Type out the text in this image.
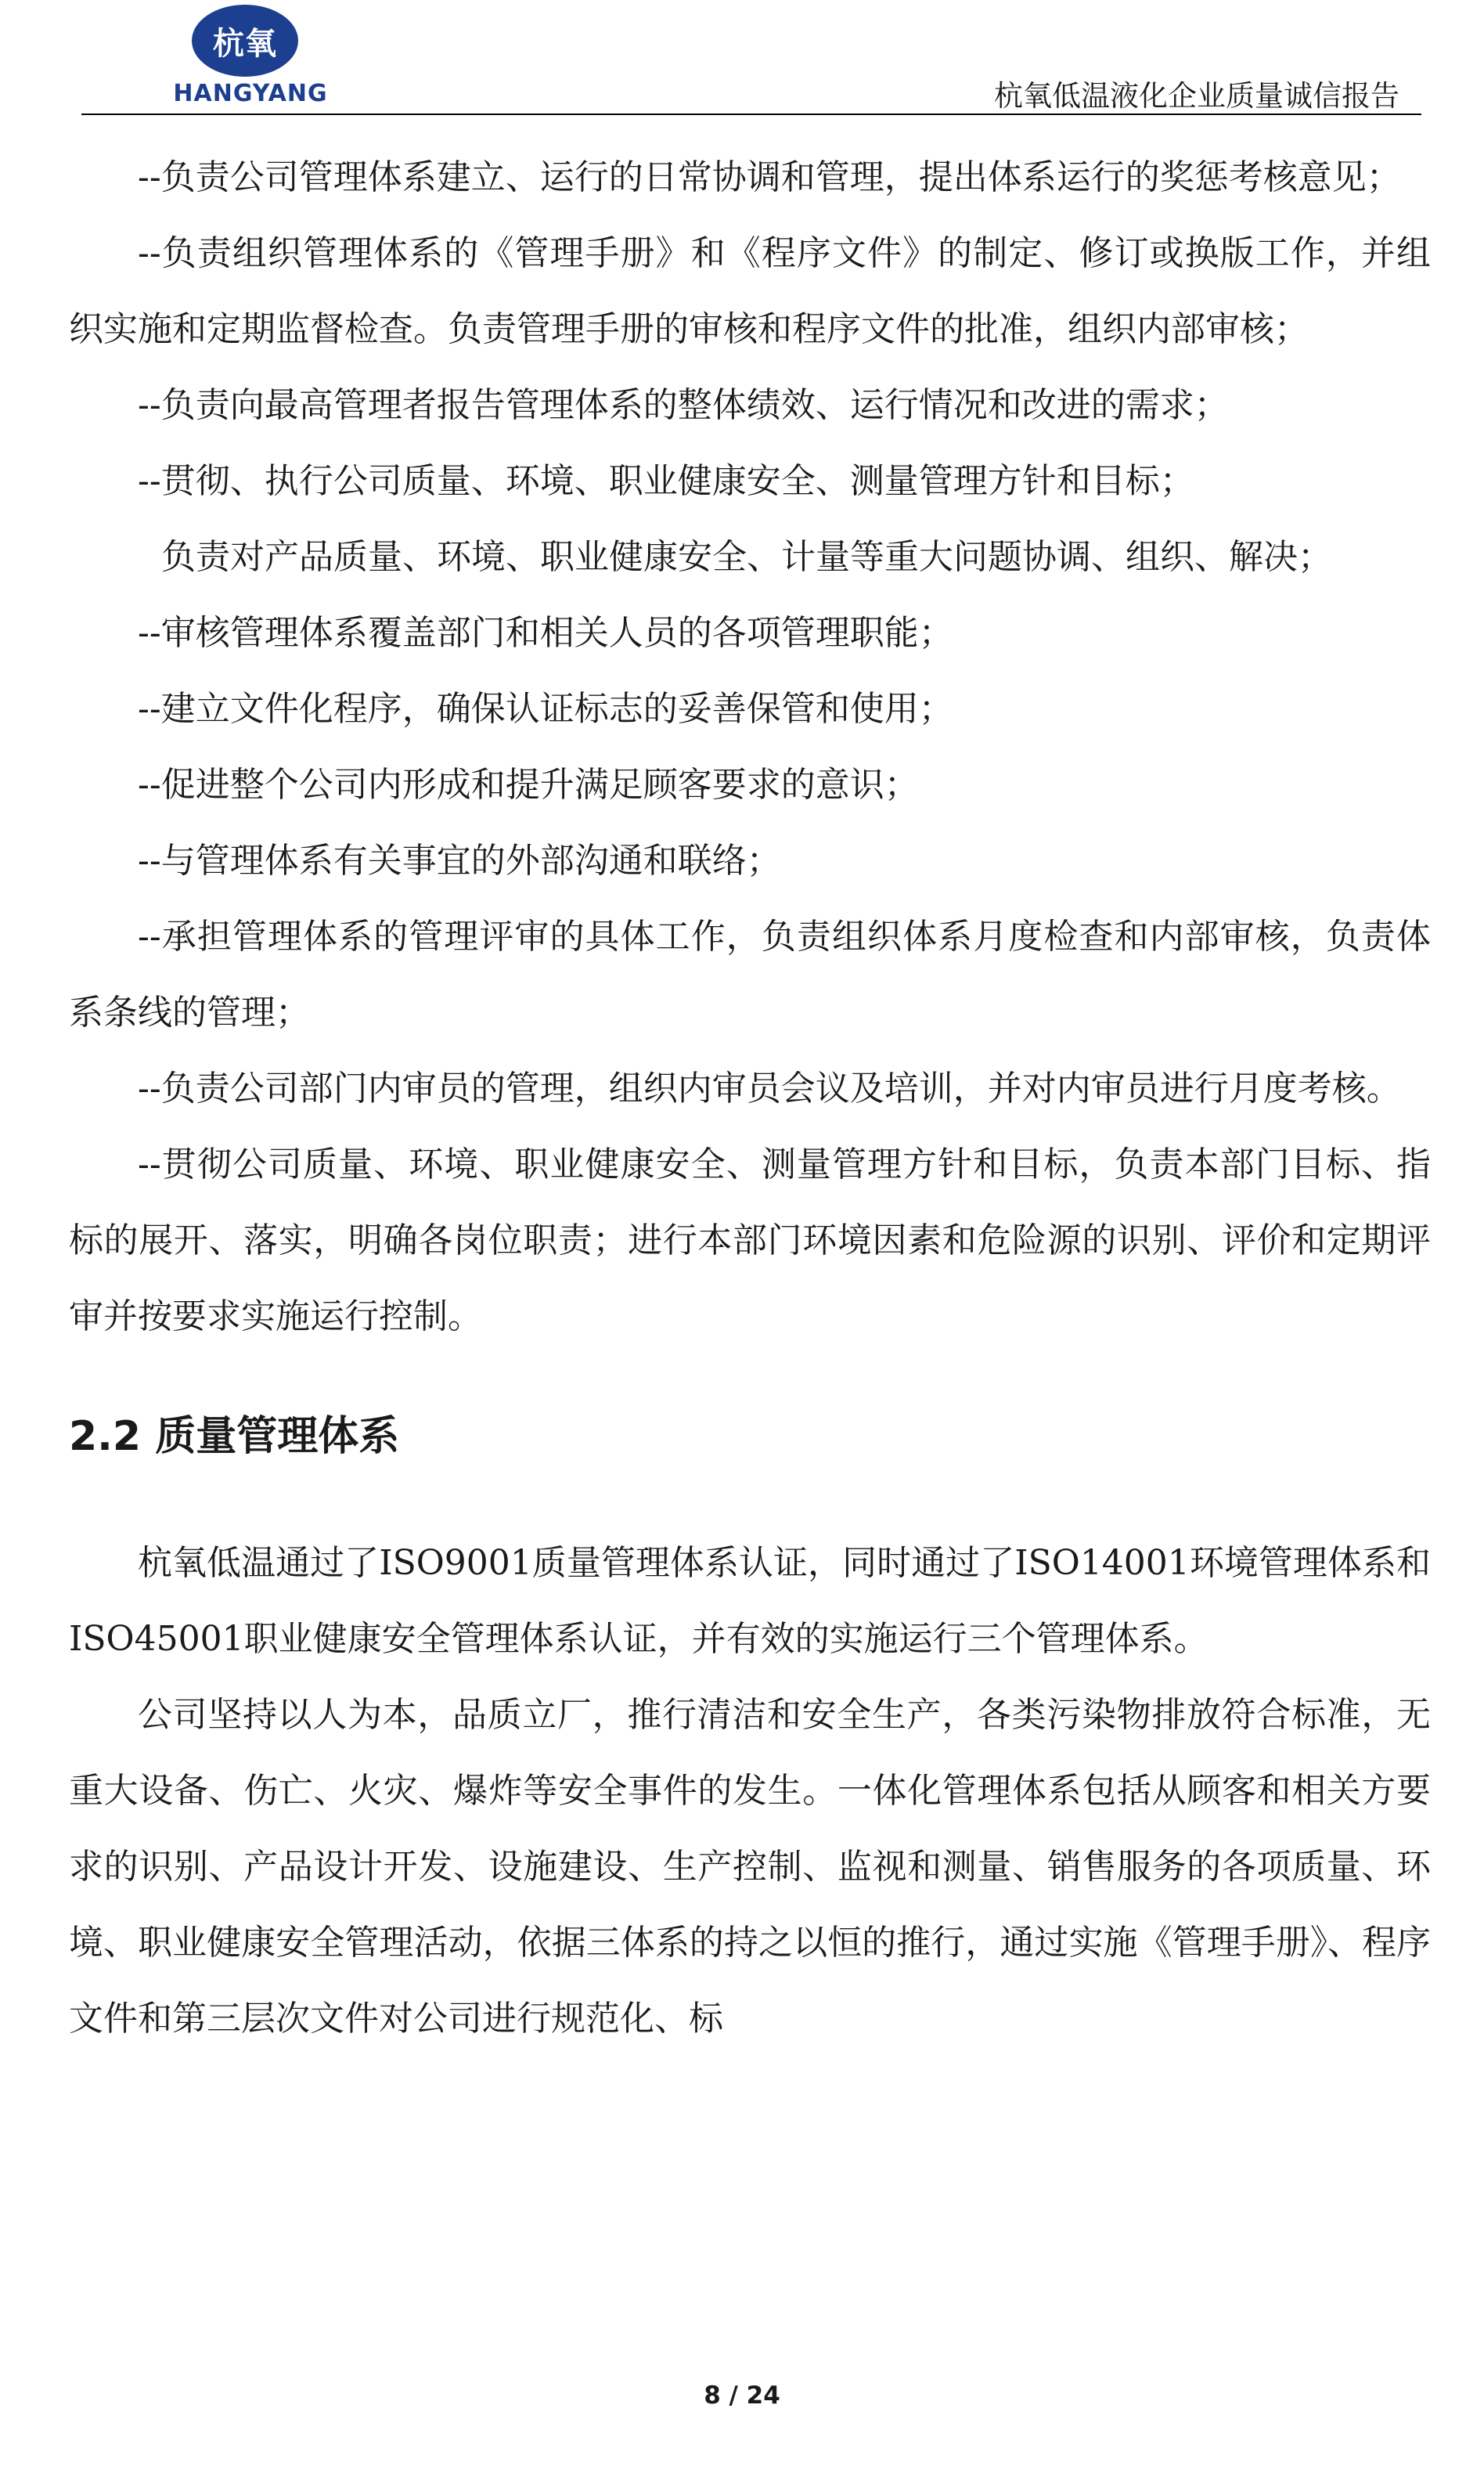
杭氧
HANGYANG	杭氧低温液化企业质量诚信报告

--负责公司管理体系建立、运行的日常协调和管理，提出体系运行的奖惩考核意见；

--负责组织管理体系的《管理手册》和《程序文件》的制定、修订或换版工作，并组织实施和定期监督检查。负责管理手册的审核和程序文件的批准，组织内部审核；

--负责向最高管理者报告管理体系的整体绩效、运行情况和改进的需求；

--贯彻、执行公司质量、环境、职业健康安全、测量管理方针和目标；

负责对产品质量、环境、职业健康安全、计量等重大问题协调、组织、解决；

--审核管理体系覆盖部门和相关人员的各项管理职能；

--建立文件化程序，确保认证标志的妥善保管和使用；

--促进整个公司内形成和提升满足顾客要求的意识；

--与管理体系有关事宜的外部沟通和联络；

--承担管理体系的管理评审的具体工作，负责组织体系月度检查和内部审核，负责体系条线的管理；

--负责公司部门内审员的管理，组织内审员会议及培训，并对内审员进行月度考核。

--贯彻公司质量、环境、职业健康安全、测量管理方针和目标，负责本部门目标、指标的展开、落实，明确各岗位职责；进行本部门环境因素和危险源的识别、评价和定期评审并按要求实施运行控制。

2.2 质量管理体系

杭氧低温通过了ISO9001质量管理体系认证，同时通过了ISO14001环境管理体系和ISO45001职业健康安全管理体系认证，并有效的实施运行三个管理体系。

公司坚持以人为本，品质立厂，推行清洁和安全生产，各类污染物排放符合标准，无重大设备、伤亡、火灾、爆炸等安全事件的发生。一体化管理体系包括从顾客和相关方要求的识别、产品设计开发、设施建设、生产控制、监视和测量、销售服务的各项质量、环境、职业健康安全管理活动，依据三体系的持之以恒的推行，通过实施《管理手册》、程序文件和第三层次文件对公司进行规范化、标

8 / 24
